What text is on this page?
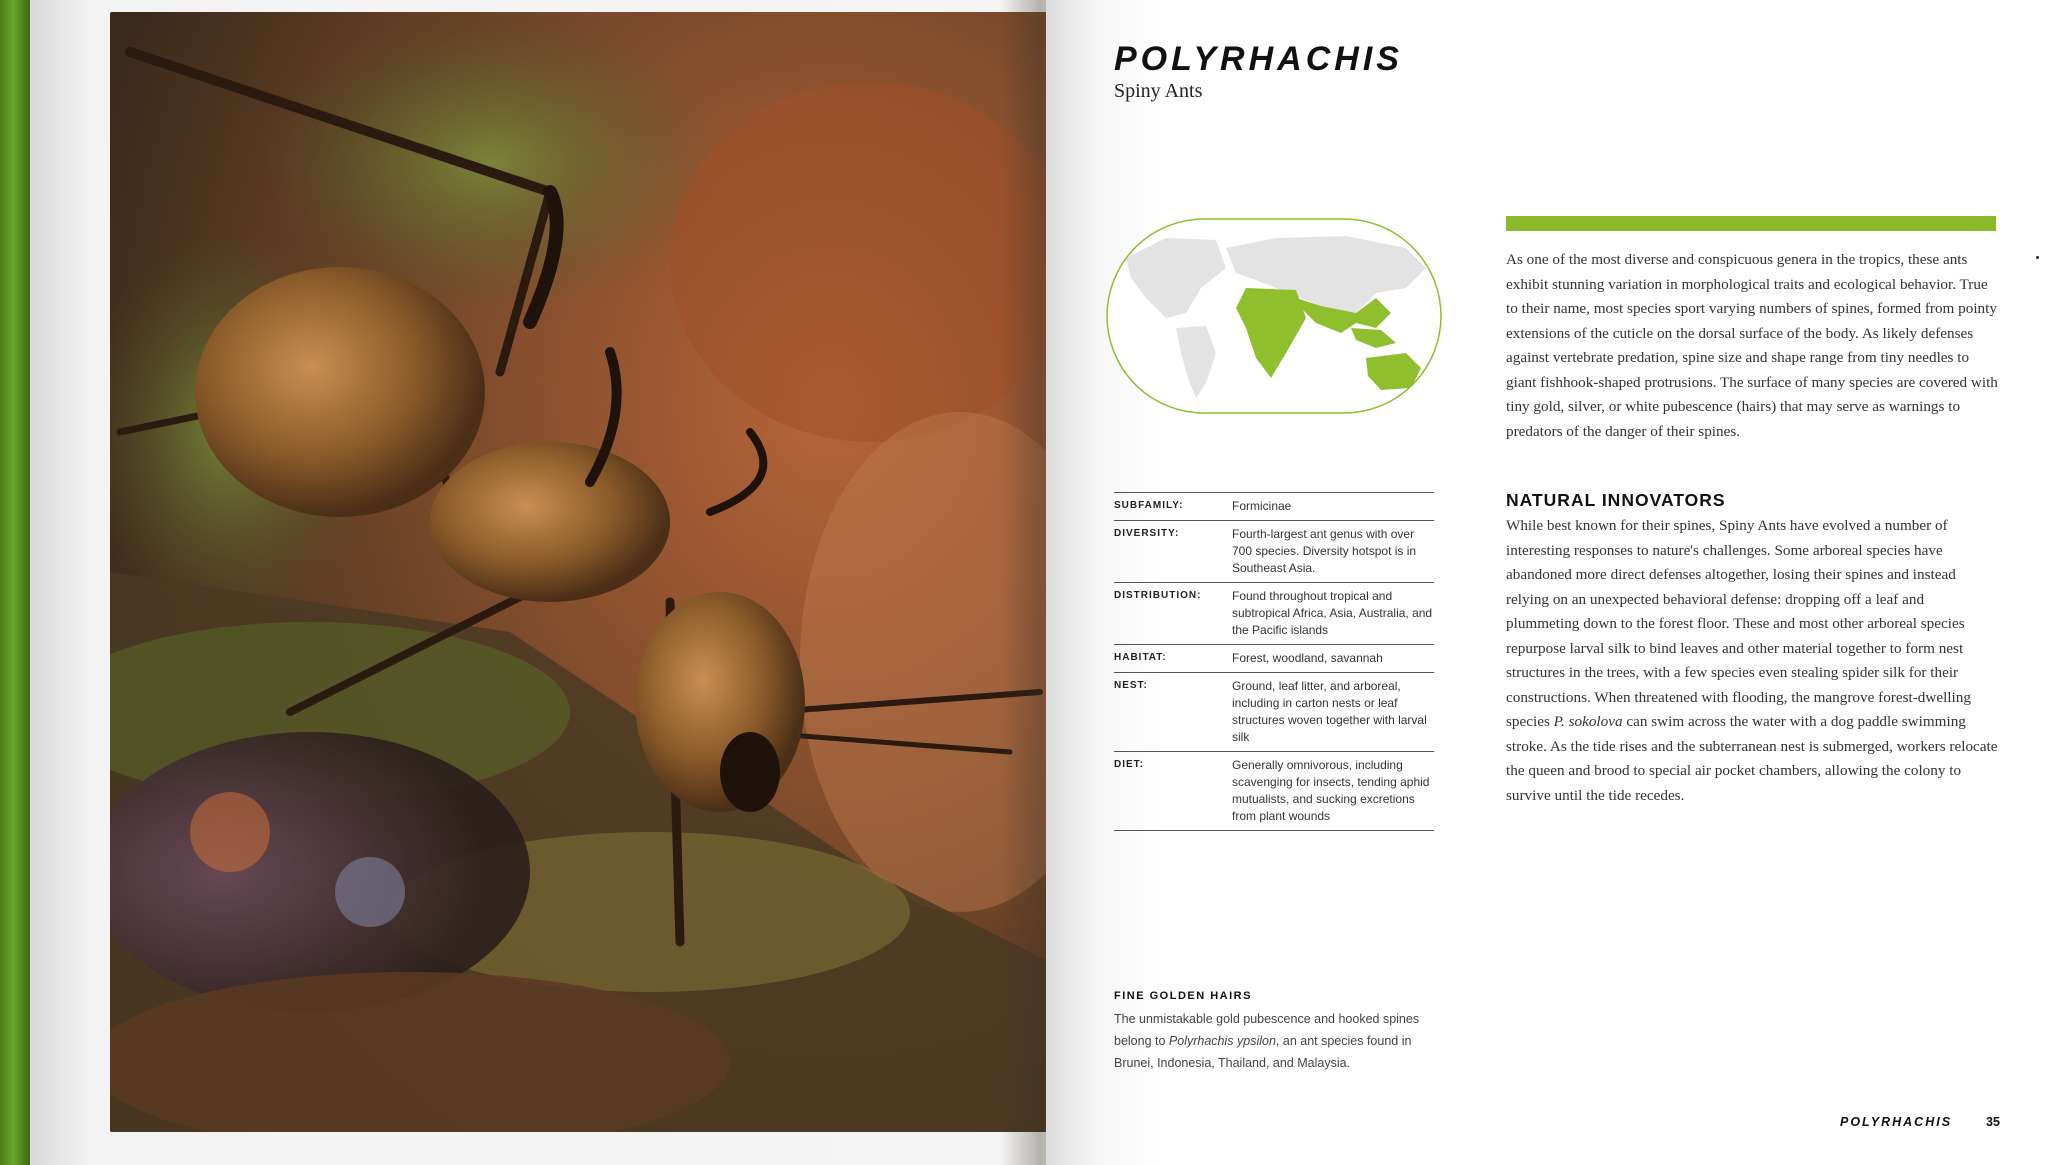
POLYRHACHIS

Spiny Ants

SUBFAMILY:	Formicinae
DIVERSITY:	Fourth-largest ant genus with over 700 species. Diversity hotspot is in Southeast Asia.
DISTRIBUTION:	Found throughout tropical and subtropical Africa, Asia, Australia, and the Pacific islands
HABITAT:	Forest, woodland, savannah
NEST:	Ground, leaf litter, and arboreal, including in carton nests or leaf structures woven together with larval silk
DIET:	Generally omnivorous, including scavenging for insects, tending aphid mutualists, and sucking excretions from plant wounds

As one of the most diverse and conspicuous genera in the tropics, these ants exhibit stunning variation in morphological traits and ecological behavior. True to their name, most species sport varying numbers of spines, formed from pointy extensions of the cuticle on the dorsal surface of the body. As likely defenses against vertebrate predation, spine size and shape range from tiny needles to giant fishhook-shaped protrusions. The surface of many species are covered with tiny gold, silver, or white pubescence (hairs) that may serve as warnings to predators of the danger of their spines.

NATURAL INNOVATORS

While best known for their spines, Spiny Ants have evolved a number of interesting responses to nature's challenges. Some arboreal species have abandoned more direct defenses altogether, losing their spines and instead relying on an unexpected behavioral defense: dropping off a leaf and plummeting down to the forest floor. These and most other arboreal species repurpose larval silk to bind leaves and other material together to form nest structures in the trees, with a few species even stealing spider silk for their constructions. When threatened with flooding, the mangrove forest-dwelling species P. sokolova can swim across the water with a dog paddle swimming stroke. As the tide rises and the subterranean nest is submerged, workers relocate the queen and brood to special air pocket chambers, allowing the colony to survive until the tide recedes.

FINE GOLDEN HAIRS

The unmistakable gold pubescence and hooked spines belong to Polyrhachis ypsilon, an ant species found in Brunei, Indonesia, Thailand, and Malaysia.

POLYRHACHIS	35
